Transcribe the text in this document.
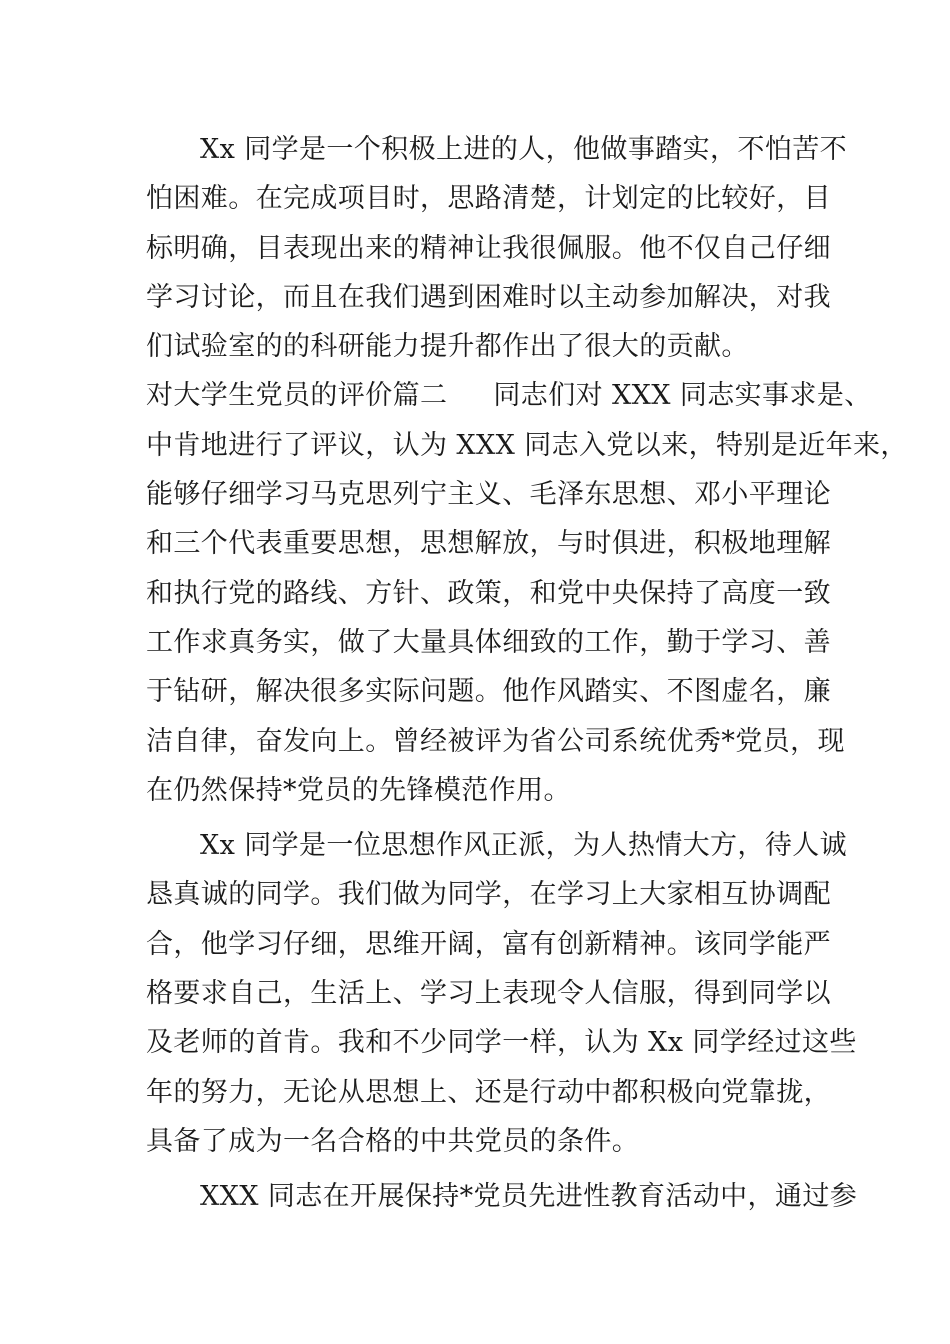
Xx 同学是一个积极上进的人，他做事踏实，不怕苦不
怕困难。在完成项目时，思路清楚，计划定的比较好，目
标明确，目表现出来的精神让我很佩服。他不仅自己仔细
学习讨论，而且在我们遇到困难时以主动参加解决，对我
们试验室的的科研能力提升都作出了很大的贡献。
对大学生党员的评价篇二 同志们对 XXX 同志实事求是、
中肯地进行了评议，认为 XXX 同志入党以来，特别是近年来，
能够仔细学习马克思列宁主义、毛泽东思想、邓小平理论
和三个代表重要思想，思想解放，与时俱进，积极地理解
和执行党的路线、方针、政策，和党中央保持了高度一致
工作求真务实，做了大量具体细致的工作，勤于学习、善
于钻研，解决很多实际问题。他作风踏实、不图虚名，廉
洁自律，奋发向上。曾经被评为省公司系统优秀*党员，现
在仍然保持*党员的先锋模范作用。
Xx 同学是一位思想作风正派，为人热情大方，待人诚
恳真诚的同学。我们做为同学，在学习上大家相互协调配
合，他学习仔细，思维开阔，富有创新精神。该同学能严
格要求自己，生活上、学习上表现令人信服，得到同学以
及老师的首肯。我和不少同学一样，认为 Xx 同学经过这些
年的努力，无论从思想上、还是行动中都积极向党靠拢，
具备了成为一名合格的中共党员的条件。
XXX 同志在开展保持*党员先进性教育活动中，通过参
